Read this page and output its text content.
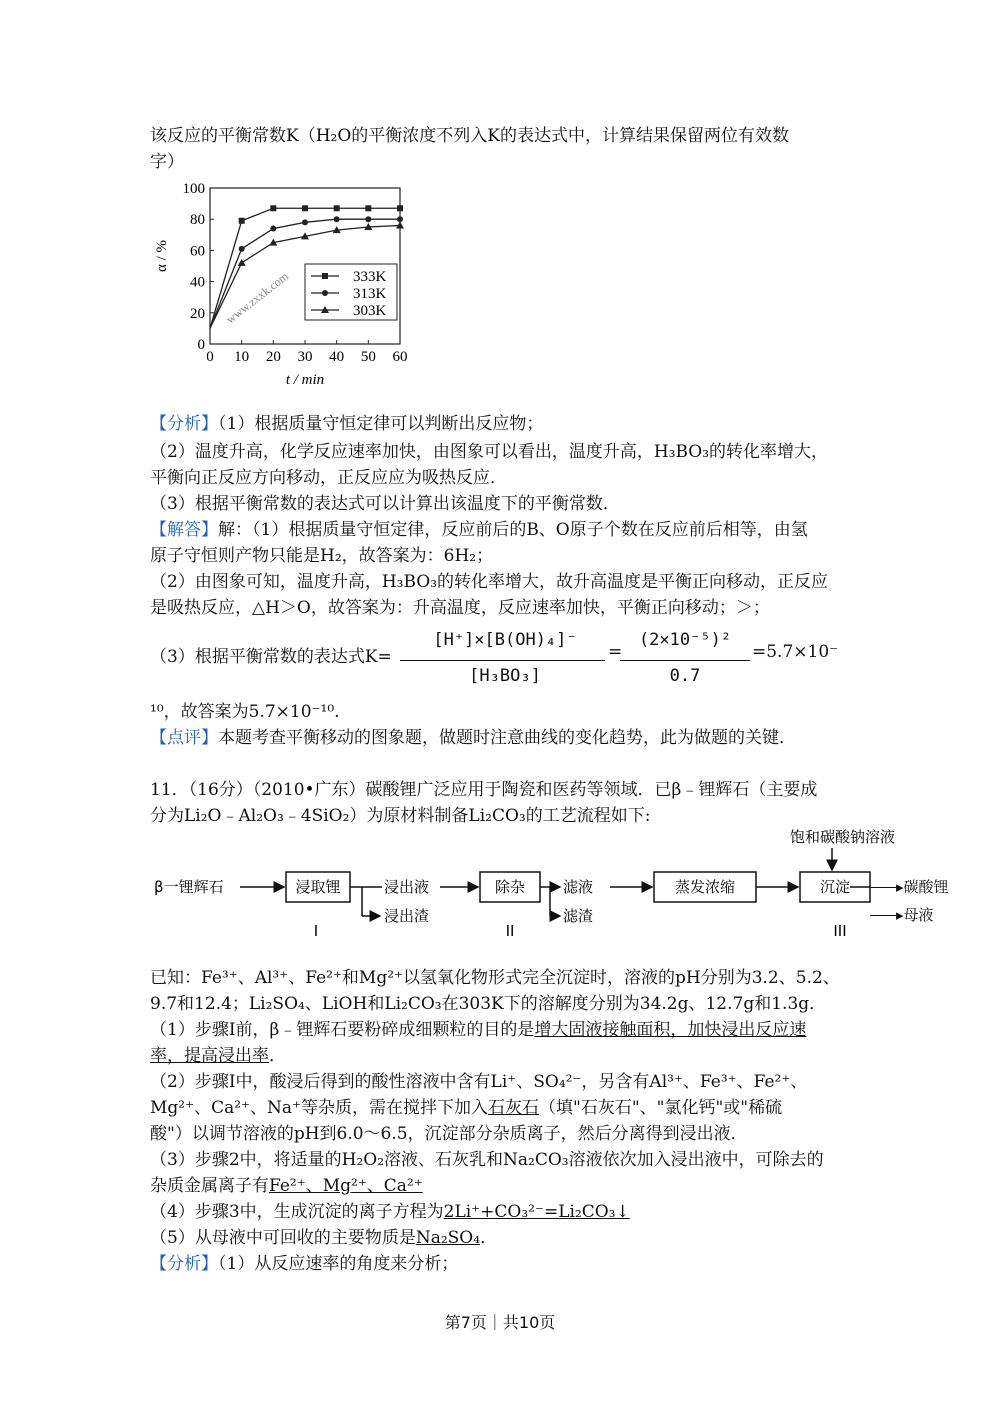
该反应的平衡常数K（H₂O的平衡浓度不列入K的表达式中，计算结果保留两位有效数
字）
0 10 20 30 40 50 60
0
20
40
60
80
100
t / min
α / %
www.zxxk.com	333K
313K
303K
【分析】（1）根据质量守恒定律可以判断出反应物；
（2）温度升高，化学反应速率加快，由图象可以看出，温度升高，H₃BO₃的转化率增大，
平衡向正反应方向移动，正反应应为吸热反应．
（3）根据平衡常数的表达式可以计算出该温度下的平衡常数．
【解答】解：（1）根据质量守恒定律，反应前后的B、O原子个数在反应前后相等，由氢
原子守恒则产物只能是H₂，故答案为：6H₂；
（2）由图象可知，温度升高，H₃BO₃的转化率增大，故升高温度是平衡正向移动，正反应
是吸热反应，△H＞O，故答案为：升高温度，反应速率加快，平衡正向移动；＞；
（3）根据平衡常数的表达式K=
[H⁺]×[B(OH)₄]⁻
[H₃BO₃]
=
(2×10⁻⁵)²
0.7
=5.7×10⁻
¹⁰，故答案为5.7×10⁻¹⁰.
【点评】本题考查平衡移动的图象题，做题时注意曲线的变化趋势，此为做题的关键．
11．（16分）（2010•广东）碳酸锂广泛应用于陶瓷和医药等领域．已β﹣锂辉石（主要成
分为Li₂O﹣Al₂O₃﹣4SiO₂）为原材料制备Li₂CO₃的工艺流程如下:
β一锂辉石	浸取锂	浸出液
浸出渣
I
除杂	滤液
滤渣
II
蒸发浓缩
饱和碳酸钠溶液
沉淀
III
▸碳酸锂
▸母液
已知：Fe³⁺、Al³⁺、Fe²⁺和Mg²⁺以氢氧化物形式完全沉淀时，溶液的pH分别为3.2、5.2、
9.7和12.4；Li₂SO₄、LiOH和Li₂CO₃在303K下的溶解度分别为34.2g、12.7g和1.3g．
（1）步骤Ⅰ前，β﹣锂辉石要粉碎成细颗粒的目的是增大固液接触面积，加快浸出反应速
率，提高浸出率．
（2）步骤Ⅰ中，酸浸后得到的酸性溶液中含有Li⁺、SO₄²⁻，另含有Al³⁺、Fe³⁺、Fe²⁺、
Mg²⁺、Ca²⁺、Na⁺等杂质，需在搅拌下加入石灰石（填"石灰石"、"氯化钙"或"稀硫
酸"）以调节溶液的pH到6.0～6.5，沉淀部分杂质离子，然后分离得到浸出液．
（3）步骤2中，将适量的H₂O₂溶液、石灰乳和Na₂CO₃溶液依次加入浸出液中，可除去的
杂质金属离子有Fe²⁺、Mg²⁺、Ca²⁺
（4）步骤3中，生成沉淀的离子方程为2Li⁺+CO₃²⁻=Li₂CO₃↓
（5）从母液中可回收的主要物质是Na₂SO₄．
【分析】（1）从反应速率的角度来分析；
第7页｜共10页
